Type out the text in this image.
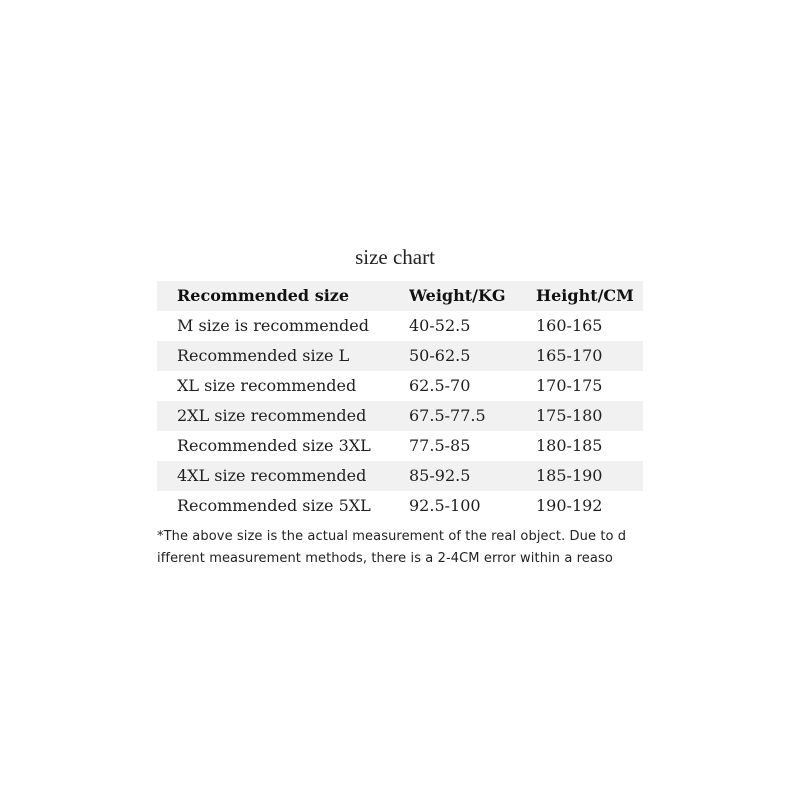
size chart
Recommended size	Weight/KG	Height/CM
M size is recommended	40-52.5	160-165
Recommended size L	50-62.5	165-170
XL size recommended	62.5-70	170-175
2XL size recommended	67.5-77.5	175-180
Recommended size 3XL	77.5-85	180-185
4XL size recommended	85-92.5	185-190
Recommended size 5XL	92.5-100	190-192
*The above size is the actual measurement of the real object. Due to d
ifferent measurement methods, there is a 2-4CM error within a reaso
